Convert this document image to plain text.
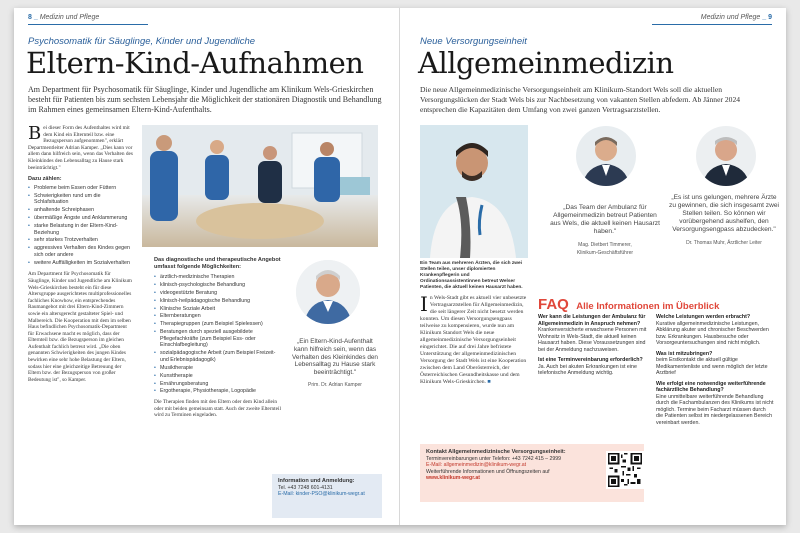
8 _ Medizin und Pflege
Psychosomatik für Säuglinge, Kinder und Jugendliche
Eltern-Kind-Aufnahmen
Am Department für Psychosomatik für Säuglinge, Kinder und Jugendliche am Klinikum Wels-Grieskirchen besteht für Patienten bis zum sechsten Lebensjahr die Möglichkeit der stationären Diagnostik und Behandlung im Rahmen eines gemeinsamen Eltern-Kind-Aufenthalts.
Bei dieser Form des Aufenthaltes wird mit dem Kind ein Elternteil bzw. eine Bezugsperson aufgenommen", erklärt Departmentleiter Adrian Kamper. „Dies kann vor allem dann hilfreich sein, wenn das Verhalten des Kleinkindes den Lebensalltag zu Hause stark beeinträchtigt."
Dazu zählen:
• Probleme beim Essen oder Füttern
• Schwierigkeiten rund um die Schlafsituation
• anhaltende Schreiphasen
• übermäßige Ängste und Anklammerung
• starke Belastung in der Eltern-Kind-Beziehung
• sehr starkes Trotzverhalten
• aggressives Verhalten des Kindes gegen sich oder andere
• weitere Auffälligkeiten im Sozialverhalten
Am Department für Psychosomatik für Säuglinge, Kinder und Jugendliche am Klinikum Wels-Grieskirchen besteht ein für diese Altersgruppe ausgerichtetes multiprofessionelles fachliches Knowhow, ein entsprechendes Raumangebot mit drei Eltern-Kind-Zimmern sowie ein altersgerecht gestalteter Spiel- und Malbereich. Die Kooperation mit dem im selben Haus befindlichen Psychosomatik-Department für Erwachsene macht es möglich, dass der Elternteil bzw. die Bezugsperson im gleichen Aufenthalt fachlich betreut wird. „Die oben genannten Schwierigkeiten des jungen Kindes bewirken eine sehr hohe Belastung der Eltern, sodass hier eine gleichzeitige Betreuung der Eltern bzw. der Bezugsperson von großer Bedeutung ist", so Kamper.
Das diagnostische und therapeutische Angebot umfasst folgende Möglichkeiten:
• ärztlich-medizinische Therapien
• klinisch-psychologische Behandlung
• videogestützte Beratung
• klinisch-heilpädagogische Behandlung
• Klinische Soziale Arbeit
• Elternberatungen
• Therapiegruppen (zum Beispiel Spielessen)
• Beratungen durch speziell ausgebildete Pflegefachkräfte (zum Beispiel Ess- oder Einschlafbegleitung)
• sozialpädagogische Arbeit (zum Beispiel Freizeit- und Erlebnispädagogik)
• Musiktherapie
• Kunsttherapie
• Ernährungsberatung
• Ergotherapie, Physiotherapie, Logopädie
Die Therapien finden mit den Eltern oder dem Kind allein oder mit beiden gemeinsam statt. Auch der zweite Elternteil wird zu Terminen eingeladen.
„Ein Eltern-Kind-Aufenthalt kann hilfreich sein, wenn das Verhalten des Kleinkindes den Lebensalltag zu Hause stark beeinträchtigt."
Prim. Dr. Adrian Kamper
Information und Anmeldung:
Tel. +43 7248 601-4131
E-Mail: kinder-PSO@klinikum-wegr.at
Medizin und Pflege _ 9
Neue Versorgungseinheit
Allgemeinmedizin
Die neue Allgemeinmedizinische Versorgungseinheit am Klinikum-Standort Wels soll die aktuellen Versorgungslücken der Stadt Wels bis zur Nachbesetzung von vakanten Stellen abfedern. Ab Jänner 2024 entsprechen die Kapazitäten dem Umfang von zwei ganzen Vertragsarztstellen.
Ein Team aus mehreren Ärzten, die sich zwei Stellen teilen, unser diplomierten Krankenpflegerin und Ordinationsassistentinnen betreut Welser Patienten, die aktuell keinen Hausarzt haben.
„Das Team der Ambulanz für Allgemeinmedizin betreut Patienten aus Wels, die aktuell keinen Hausarzt haben."
Mag. Dietbert Timmerer,
Klinikum-Geschäftsführer
„Es ist uns gelungen, mehrere Ärzte zu gewinnen, die sich insgesamt zwei Stellen teilen. So können wir vorübergehend aushelfen, den Versorgungsengpass abzudecken."
Dr. Thomas Muhr, Ärztlicher Leiter
In Wels-Stadt gibt es aktuell vier unbesetzte Vertragsarztstellen für Allgemeinmedizin, die seit längerer Zeit nicht besetzt werden konnten. Um diesen Versorgungsengpass teilweise zu kompensieren, wurde nun am Klinikum Standort Wels die neue allgemeinmedizinische Versorgungseinheit eingerichtet. Die auf drei Jahre befristete Unterstützung der allgemeinmedizinischen Versorgung der Stadt Wels ist eine Kooperation zwischen dem Land Oberösterreich, der Österreichischen Gesundheitskasse und dem Klinikum Wels-Grieskirchen. ■
FAQ Alle Informationen im Überblick
Wer kann die Leistungen der Ambulanz für Allgemeinmedizin in Anspruch nehmen?
Krankenversicherte erwachsene Personen mit Wohnsitz in Wels-Stadt, die aktuell keinen Hausarzt haben. Diese Voraussetzungen sind bei der Anmeldung nachzuweisen.
Ist eine Terminvereinbarung erforderlich?
Ja. Auch bei akuten Erkrankungen ist eine telefonische Anmeldung wichtig.
Welche Leistungen werden erbracht?
Kurative allgemeinmedizinische Leistungen, Abklärung akuter und chronischer Beschwerden bzw. Erkrankungen. Hausbesuche oder Vorsorgeuntersuchungen sind nicht möglich.
Was ist mitzubringen?
beim Erstkontakt die aktuell gültige Medikamentenliste und wenn möglich der letzte Arztbrief
Wie erfolgt eine notwendige weiterführende fachärztliche Behandlung?
Eine unmittelbare weiterführende Behandlung durch die Fachambulanzen des Klinikums ist nicht möglich. Termine beim Facharzt müssen durch die Patienten selbst im niedergelassenen Bereich vereinbart werden.
Kontakt Allgemeinmedizinische Versorgungseinheit:
Terminvereinbarungen unter Telefon: +43 7242 415 – 2999
E-Mail: allgemeinmedizin@klinikum-wegr.at
Weiterführende Informationen und Öffnungszeiten auf
www.klinikum-wegr.at
